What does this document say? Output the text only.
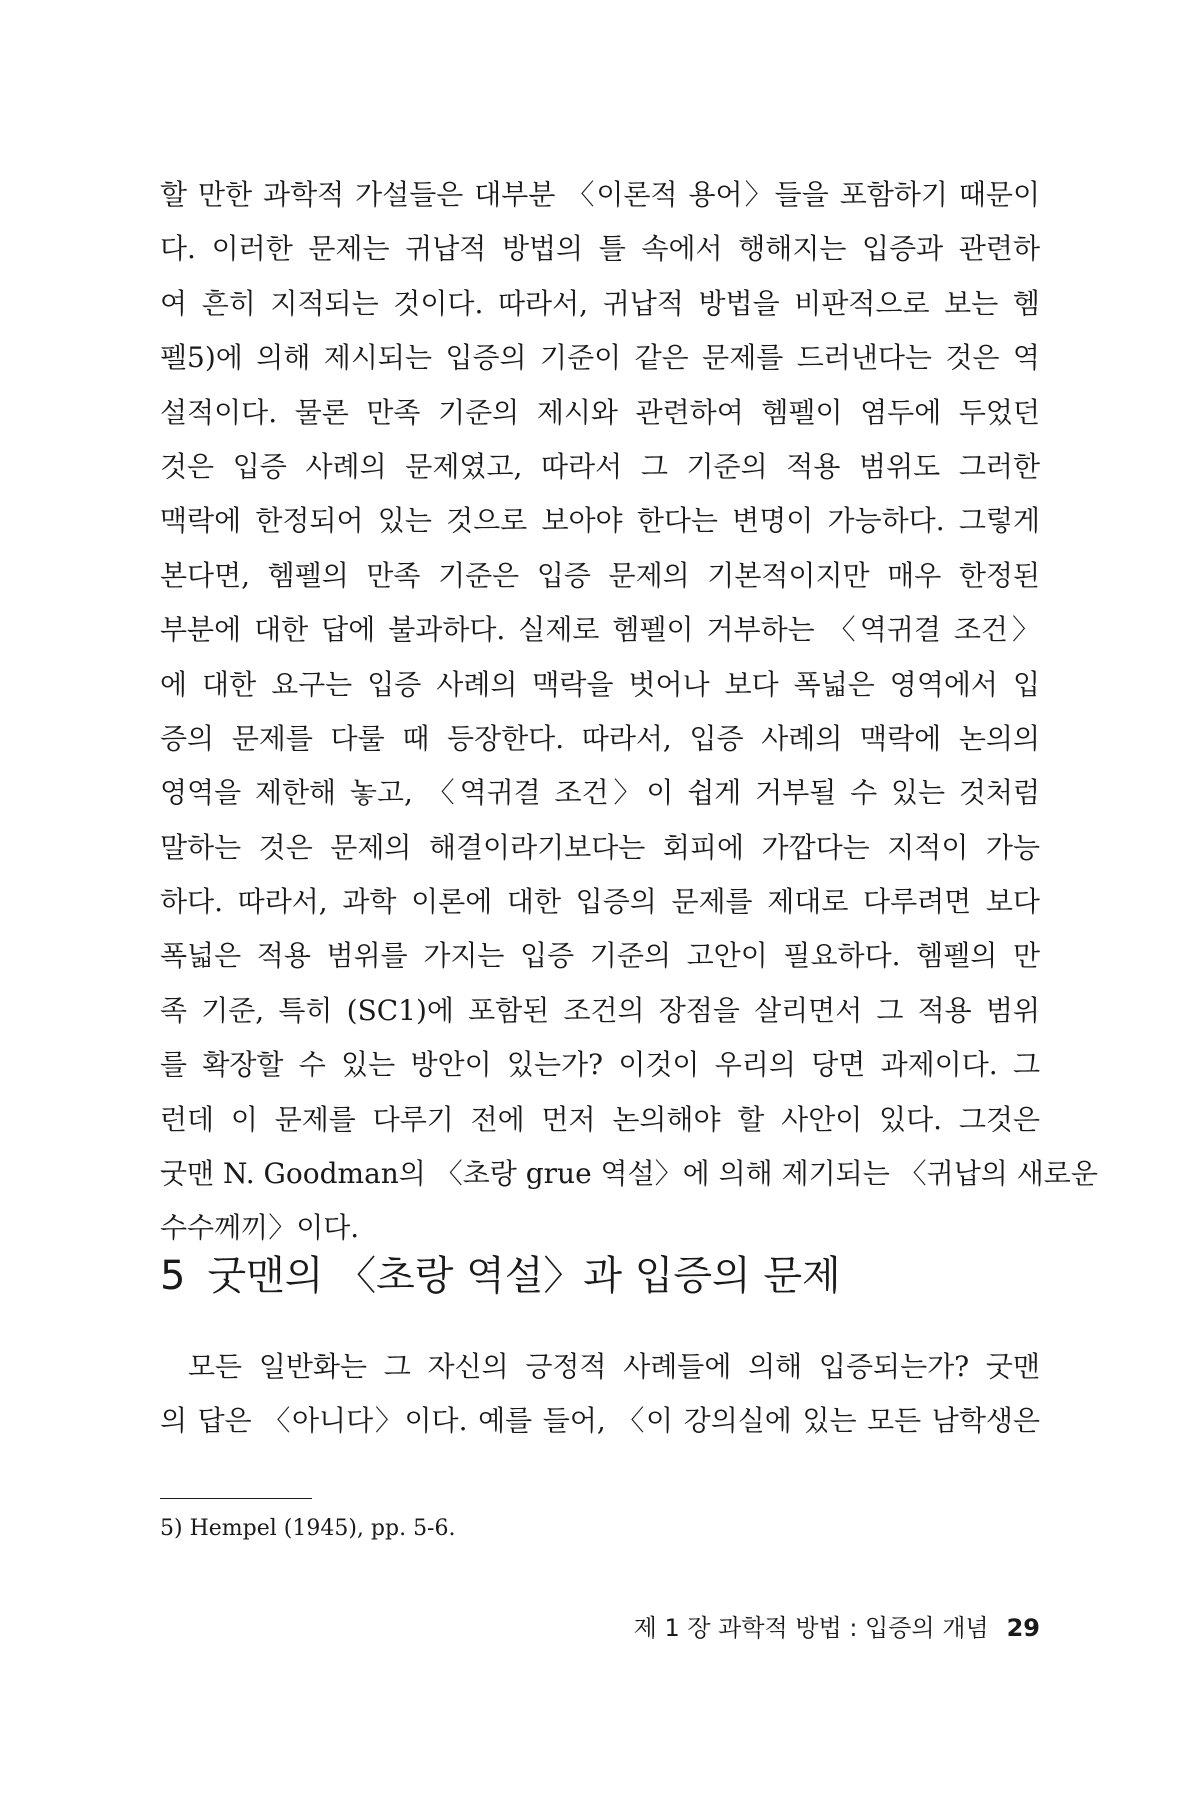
할 만한 과학적 가설들은 대부분 〈이론적 용어〉들을 포함하기 때문이
다. 이러한 문제는 귀납적 방법의 틀 속에서 행해지는 입증과 관련하
여 흔히 지적되는 것이다. 따라서, 귀납적 방법을 비판적으로 보는 헴
펠5)에 의해 제시되는 입증의 기준이 같은 문제를 드러낸다는 것은 역
설적이다. 물론 만족 기준의 제시와 관련하여 헴펠이 염두에 두었던
것은 입증 사례의 문제였고, 따라서 그 기준의 적용 범위도 그러한
맥락에 한정되어 있는 것으로 보아야 한다는 변명이 가능하다. 그렇게
본다면, 헴펠의 만족 기준은 입증 문제의 기본적이지만 매우 한정된
부분에 대한 답에 불과하다. 실제로 헴펠이 거부하는 〈역귀결 조건〉
에 대한 요구는 입증 사례의 맥락을 벗어나 보다 폭넓은 영역에서 입
증의 문제를 다룰 때 등장한다. 따라서, 입증 사례의 맥락에 논의의
영역을 제한해 놓고, 〈역귀결 조건〉이 쉽게 거부될 수 있는 것처럼
말하는 것은 문제의 해결이라기보다는 회피에 가깝다는 지적이 가능
하다. 따라서, 과학 이론에 대한 입증의 문제를 제대로 다루려면 보다
폭넓은 적용 범위를 가지는 입증 기준의 고안이 필요하다. 헴펠의 만
족 기준, 특히 (SC1)에 포함된 조건의 장점을 살리면서 그 적용 범위
를 확장할 수 있는 방안이 있는가? 이것이 우리의 당면 과제이다. 그
런데 이 문제를 다루기 전에 먼저 논의해야 할 사안이 있다. 그것은
굿맨 N. Goodman의 〈초랑 grue 역설〉에 의해 제기되는 〈귀납의 새로운
수수께끼〉이다.
5 굿맨의 〈초랑 역설〉과 입증의 문제
모든 일반화는 그 자신의 긍정적 사례들에 의해 입증되는가? 굿맨
의 답은 〈아니다〉이다. 예를 들어, 〈이 강의실에 있는 모든 남학생은
5) Hempel (1945), pp. 5-6.
제 1 장 과학적 방법 : 입증의 개념 29
